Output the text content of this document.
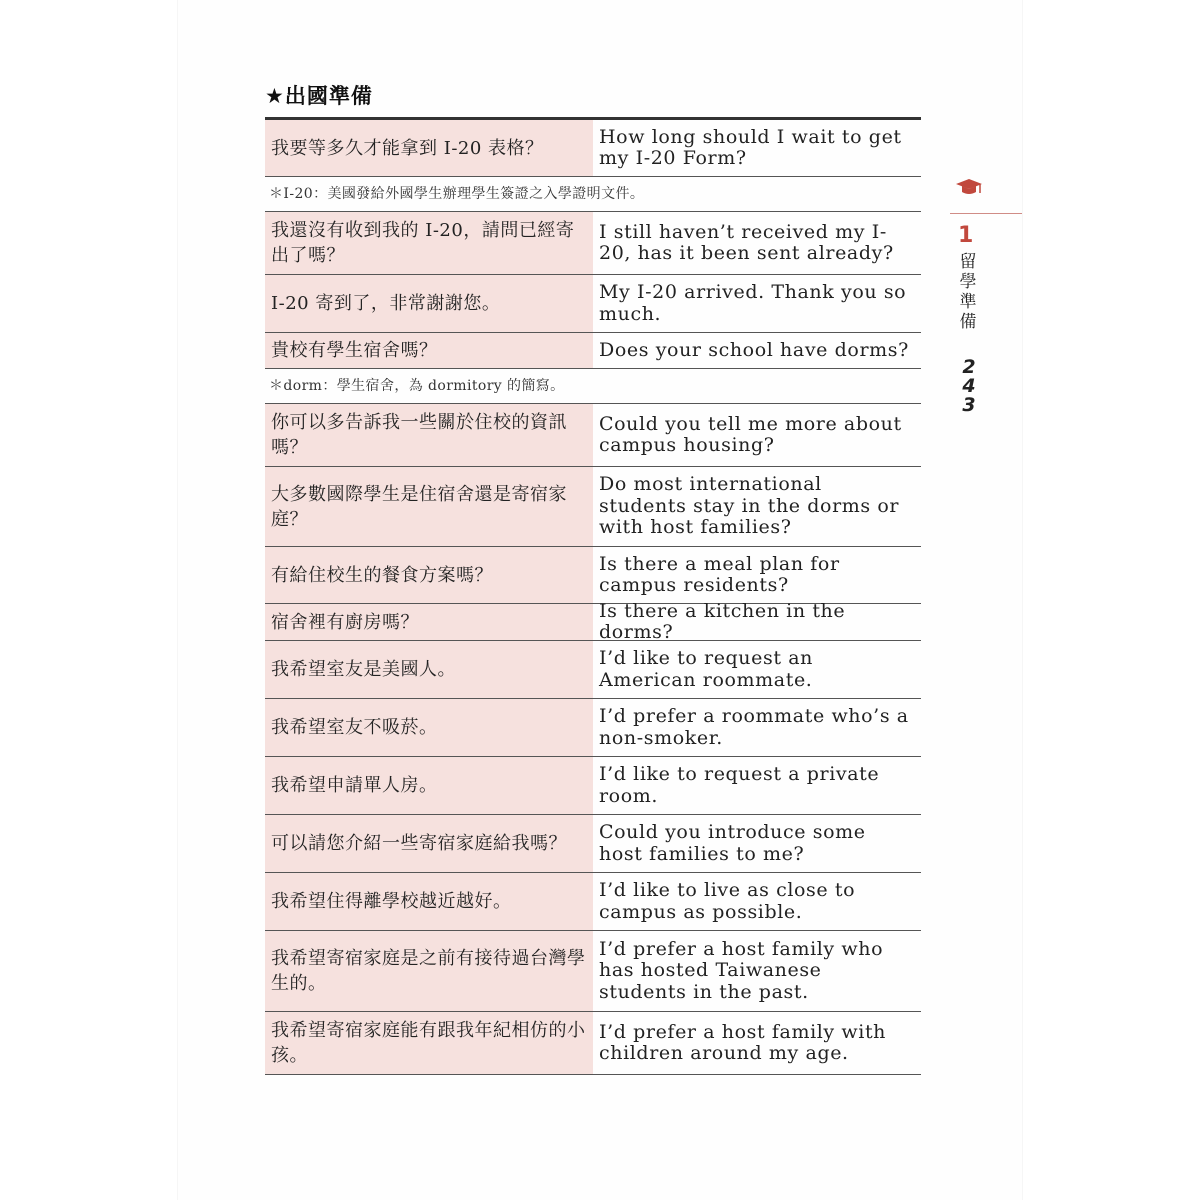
★出國準備
我要等多久才能拿到 I-20 表格？
How long should I wait to get my I-20 Form?
＊I-20：美國發給外國學生辦理學生簽證之入學證明文件。
我還沒有收到我的 I-20，請問已經寄出了嗎？
I still haven’t received my I-20, has it been sent already?
I-20 寄到了，非常謝謝您。
My I-20 arrived. Thank you so much.
貴校有學生宿舍嗎？	Does your school have dorms?
＊dorm：學生宿舍，為 dormitory 的簡寫。
你可以多告訴我一些關於住校的資訊嗎？
Could you tell me more about campus housing?
大多數國際學生是住宿舍還是寄宿家庭？
Do most international students stay in the dorms or with host families?
有給住校生的餐食方案嗎？
Is there a meal plan for campus residents?
宿舍裡有廚房嗎？
Is there a kitchen in the dorms?
我希望室友是美國人。
I’d like to request an American roommate.
我希望室友不吸菸。
I’d prefer a roommate who’s a non-smoker.
我希望申請單人房。
I’d like to request a private room.
可以請您介紹一些寄宿家庭給我嗎？
Could you introduce some host families to me?
我希望住得離學校越近越好。
I’d like to live as close to campus as possible.
我希望寄宿家庭是之前有接待過台灣學生的。
I’d prefer a host family who has hosted Taiwanese students in the past.
我希望寄宿家庭能有跟我年紀相仿的小孩。
I’d prefer a host family with children around my age.
1
留
學
準
備
2
4
3
